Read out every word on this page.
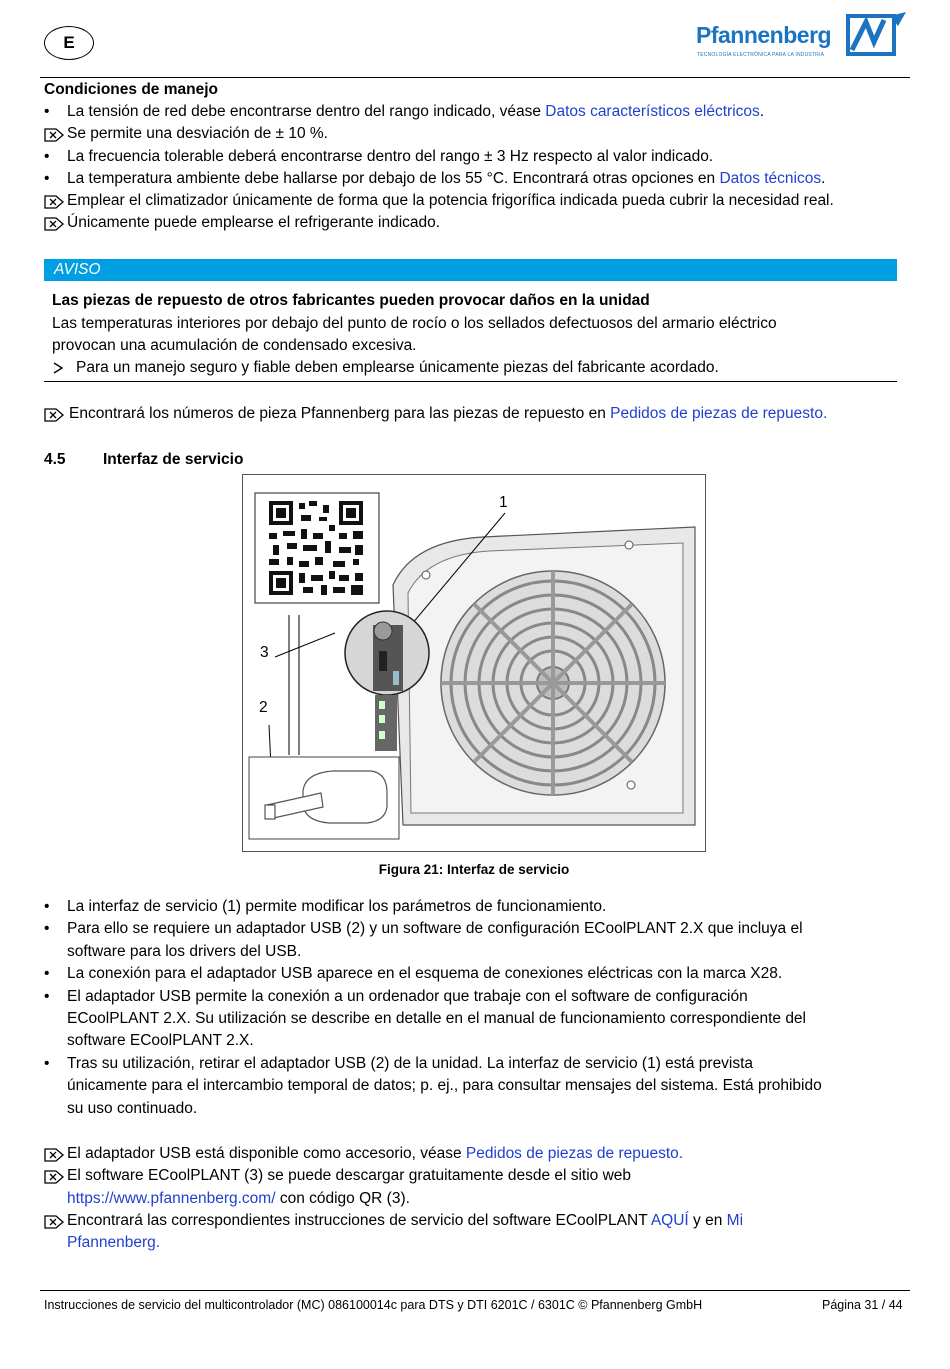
E	Pfannenberg
TECNOLOGÍA ELECTRÓNICA PARA LA INDUSTRIA
Condiciones de manejo
• La tensión de red debe encontrarse dentro del rango indicado, véase Datos característicos eléctricos.
Se permite una desviación de ± 10 %.
• La frecuencia tolerable deberá encontrarse dentro del rango ± 3 Hz respecto al valor indicado.
• La temperatura ambiente debe hallarse por debajo de los 55 °C. Encontrará otras opciones en Datos técnicos.
Emplear el climatizador únicamente de forma que la potencia frigorífica indicada pueda cubrir la necesidad real.
Únicamente puede emplearse el refrigerante indicado.
AVISO
Las piezas de repuesto de otros fabricantes pueden provocar daños en la unidad
Las temperaturas interiores por debajo del punto de rocío o los sellados defectuosos del armario eléctrico
provocan una acumulación de condensado excesiva.
Para un manejo seguro y fiable deben emplearse únicamente piezas del fabricante acordado.
Encontrará los números de pieza Pfannenberg para las piezas de repuesto en Pedidos de piezas de repuesto.
4.5 Interfaz de servicio
1
3
2
Figura 21: Interfaz de servicio
• La interfaz de servicio (1) permite modificar los parámetros de funcionamiento.
• Para ello se requiere un adaptador USB (2) y un software de configuración ECoolPLANT 2.X que incluya el
software para los drivers del USB.
• La conexión para el adaptador USB aparece en el esquema de conexiones eléctricas con la marca X28.
• El adaptador USB permite la conexión a un ordenador que trabaje con el software de configuración
ECoolPLANT 2.X. Su utilización se describe en detalle en el manual de funcionamiento correspondiente del
software ECoolPLANT 2.X.
• Tras su utilización, retirar el adaptador USB (2) de la unidad. La interfaz de servicio (1) está prevista
únicamente para el intercambio temporal de datos; p. ej., para consultar mensajes del sistema. Está prohibido
su uso continuado.
El adaptador USB está disponible como accesorio, véase Pedidos de piezas de repuesto.
El software ECoolPLANT (3) se puede descargar gratuitamente desde el sitio web
https://www.pfannenberg.com/ con código QR (3).
Encontrará las correspondientes instrucciones de servicio del software ECoolPLANT AQUÍ y en Mi
Pfannenberg.
Instrucciones de servicio del multicontrolador (MC) 086100014c para DTS y DTI 6201C / 6301C © Pfannenberg GmbH	Página 31 / 44
